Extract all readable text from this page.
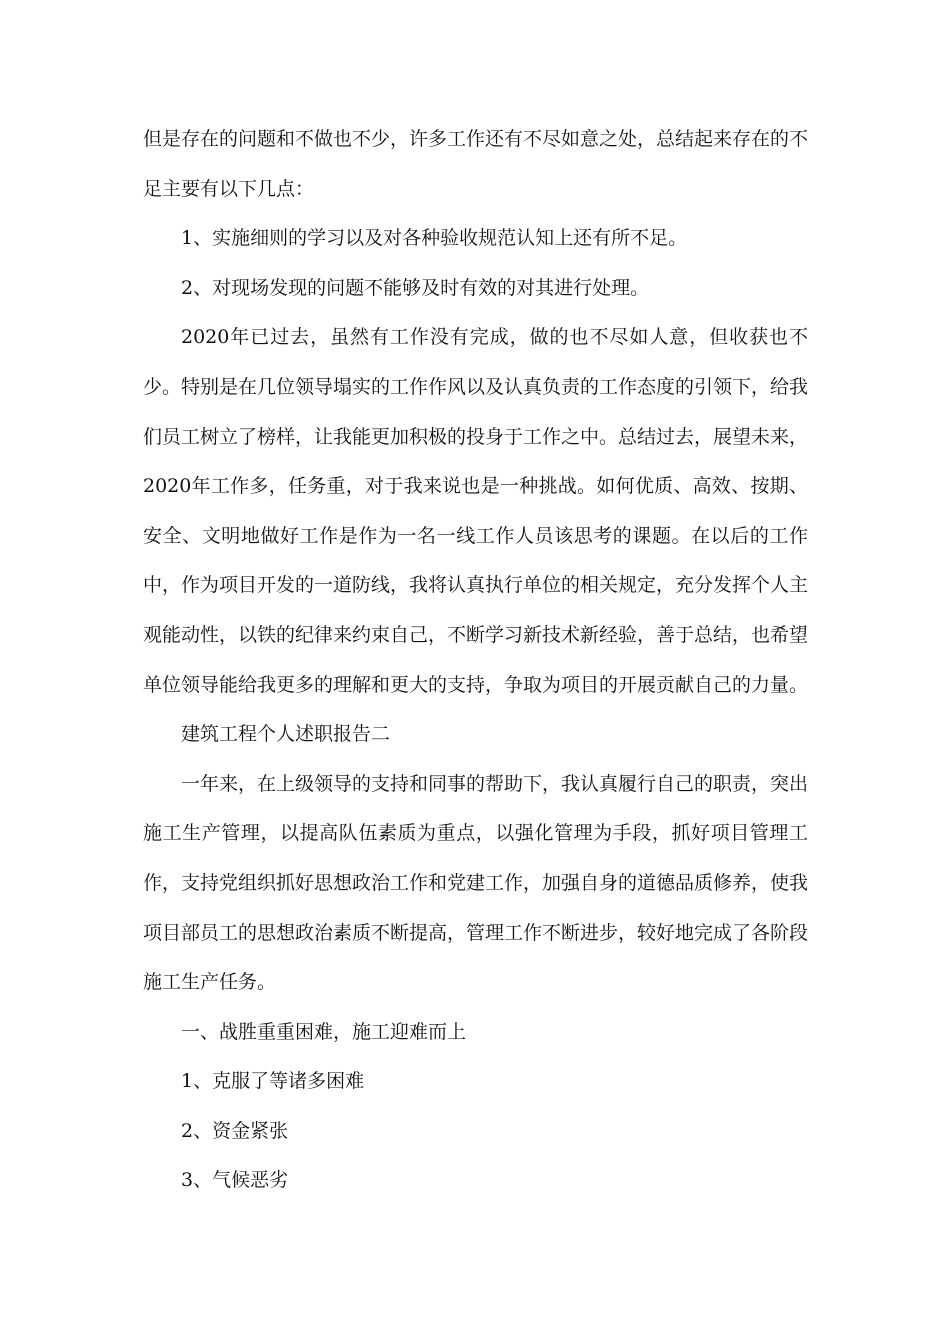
但是存在的问题和不做也不少，许多工作还有不尽如意之处，总结起来存在的不足主要有以下几点：

1、实施细则的学习以及对各种验收规范认知上还有所不足。

2、对现场发现的问题不能够及时有效的对其进行处理。

2020年已过去，虽然有工作没有完成，做的也不尽如人意，但收获也不少。特别是在几位领导塌实的工作作风以及认真负责的工作态度的引领下，给我们员工树立了榜样，让我能更加积极的投身于工作之中。总结过去，展望未来，2020年工作多，任务重，对于我来说也是一种挑战。如何优质、高效、按期、安全、文明地做好工作是作为一名一线工作人员该思考的课题。在以后的工作中，作为项目开发的一道防线，我将认真执行单位的相关规定，充分发挥个人主观能动性，以铁的纪律来约束自己，不断学习新技术新经验，善于总结，也希望单位领导能给我更多的理解和更大的支持，争取为项目的开展贡献自己的力量。

建筑工程个人述职报告二

一年来，在上级领导的支持和同事的帮助下，我认真履行自己的职责，突出施工生产管理，以提高队伍素质为重点，以强化管理为手段，抓好项目管理工作，支持党组织抓好思想政治工作和党建工作，加强自身的道德品质修养，使我项目部员工的思想政治素质不断提高，管理工作不断进步，较好地完成了各阶段施工生产任务。

一、战胜重重困难，施工迎难而上

1、克服了等诸多困难

2、资金紧张

3、气候恶劣
